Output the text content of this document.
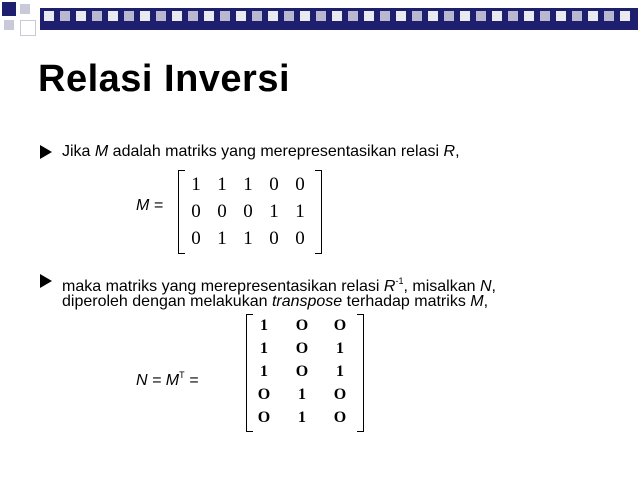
Relasi Inversi
Jika M adalah matriks yang merepresentasikan relasi R,
M =
1 1 1 0 0
0 0 0 1 1
0 1 1 0 0
maka matriks yang merepresentasikan relasi $R^{-1}$, misalkan N,
diperoleh dengan melakukan transpose terhadap matriks M,
$N = M^T$ =
1	O	O
1	O	1
1	O	1
O	1	O
O	1	O
